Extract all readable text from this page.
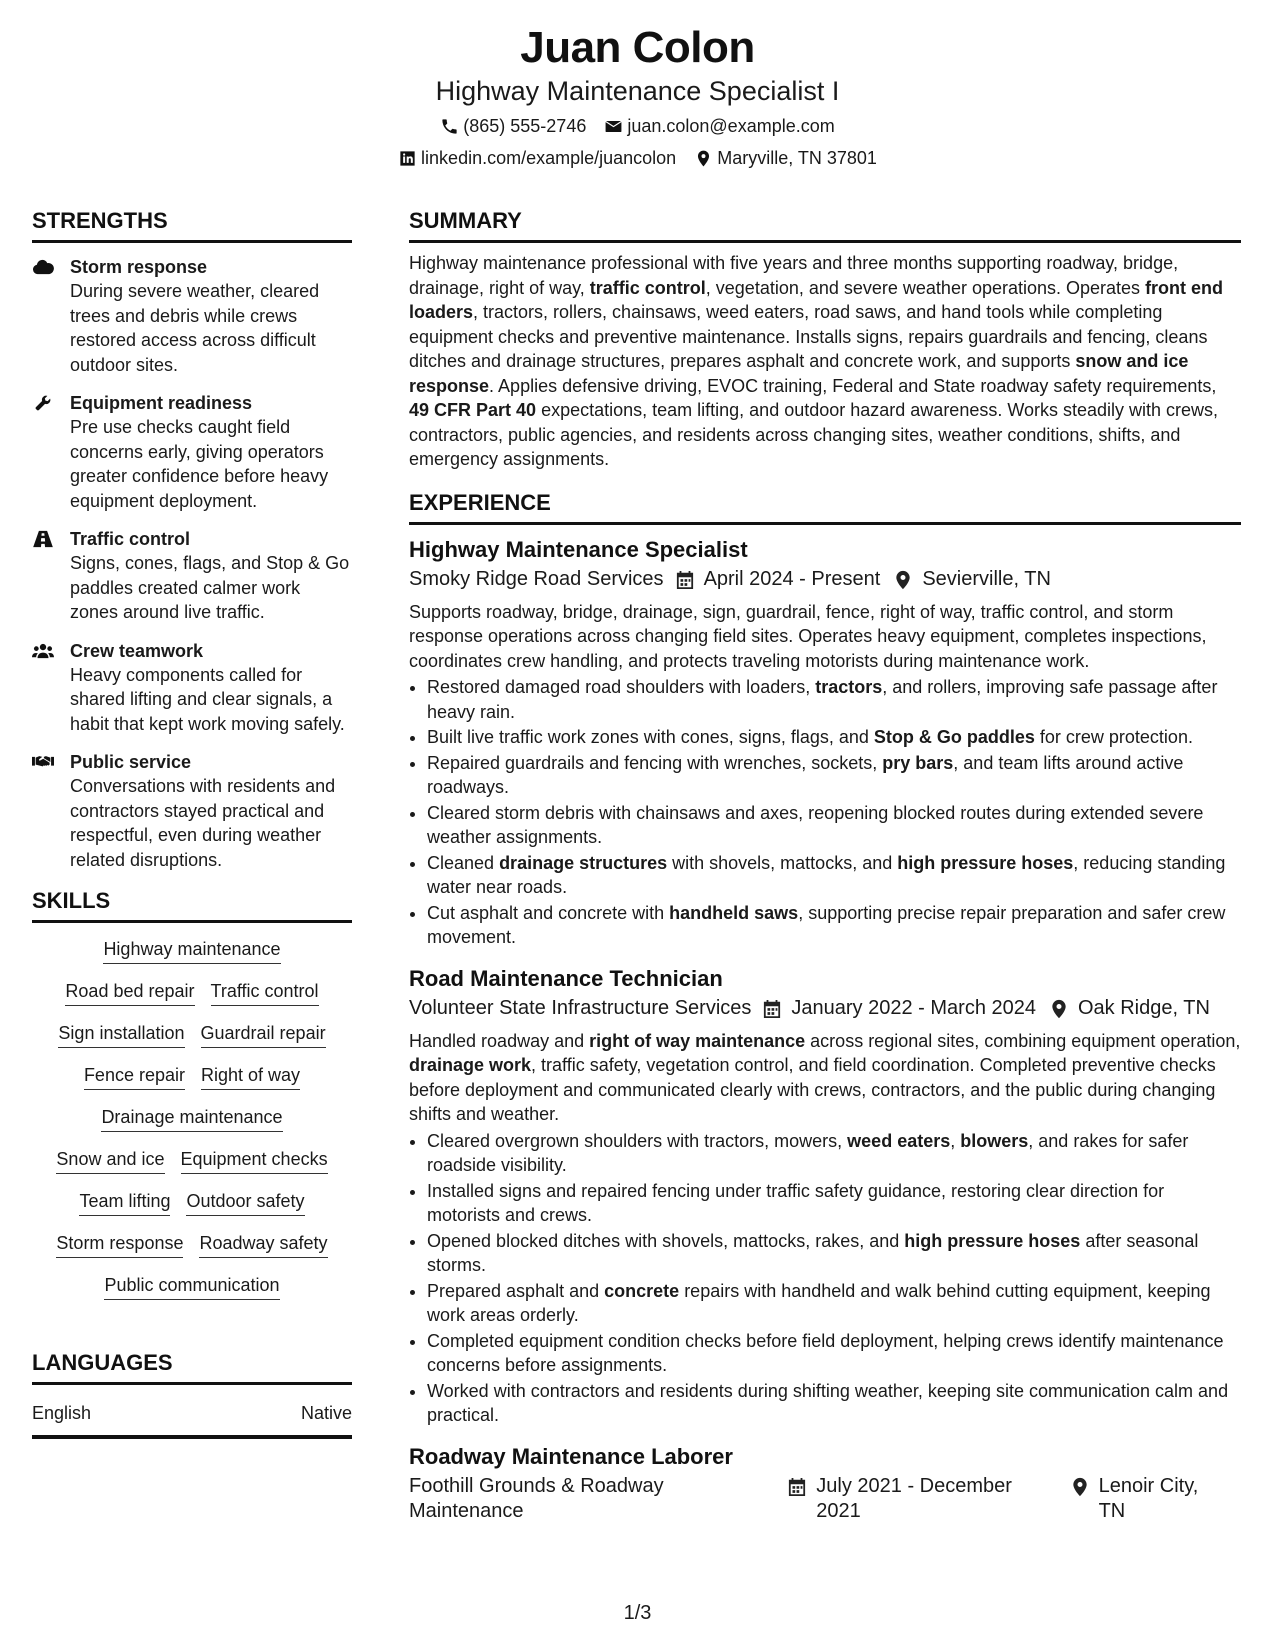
Juan Colon
Highway Maintenance Specialist I
(865) 555-2746 juan.colon@example.com
linkedin.com/example/juancolon Maryville, TN 37801
STRENGTHS
Storm response
During severe weather, cleared trees and debris while crews restored access across difficult outdoor sites.
Equipment readiness
Pre use checks caught field concerns early, giving operators greater confidence before heavy equipment deployment.
Traffic control
Signs, cones, flags, and Stop & Go paddles created calmer work zones around live traffic.
Crew teamwork
Heavy components called for shared lifting and clear signals, a habit that kept work moving safely.
Public service
Conversations with residents and contractors stayed practical and respectful, even during weather related disruptions.
SKILLS
Highway maintenance
Road bed repair Traffic control
Sign installation Guardrail repair
Fence repair Right of way
Drainage maintenance
Snow and ice Equipment checks
Team lifting Outdoor safety
Storm response Roadway safety
Public communication
LANGUAGES
English	Native
SUMMARY
Highway maintenance professional with five years and three months supporting roadway, bridge, drainage, right of way, traffic control, vegetation, and severe weather operations. Operates front end loaders, tractors, rollers, chainsaws, weed eaters, road saws, and hand tools while completing equipment checks and preventive maintenance. Installs signs, repairs guardrails and fencing, cleans ditches and drainage structures, prepares asphalt and concrete work, and supports snow and ice response. Applies defensive driving, EVOC training, Federal and State roadway safety requirements, 49 CFR Part 40 expectations, team lifting, and outdoor hazard awareness. Works steadily with crews, contractors, public agencies, and residents across changing sites, weather conditions, shifts, and emergency assignments.
EXPERIENCE
Highway Maintenance Specialist
Smoky Ridge Road Services April 2024 - Present Sevierville, TN
Supports roadway, bridge, drainage, sign, guardrail, fence, right of way, traffic control, and storm response operations across changing field sites. Operates heavy equipment, completes inspections, coordinates crew handling, and protects traveling motorists during maintenance work.
• Restored damaged road shoulders with loaders, tractors, and rollers, improving safe passage after heavy rain.
• Built live traffic work zones with cones, signs, flags, and Stop & Go paddles for crew protection.
• Repaired guardrails and fencing with wrenches, sockets, pry bars, and team lifts around active roadways.
• Cleared storm debris with chainsaws and axes, reopening blocked routes during extended severe weather assignments.
• Cleaned drainage structures with shovels, mattocks, and high pressure hoses, reducing standing water near roads.
• Cut asphalt and concrete with handheld saws, supporting precise repair preparation and safer crew movement.
Road Maintenance Technician
Volunteer State Infrastructure Services January 2022 - March 2024 Oak Ridge, TN
Handled roadway and right of way maintenance across regional sites, combining equipment operation, drainage work, traffic safety, vegetation control, and field coordination. Completed preventive checks before deployment and communicated clearly with crews, contractors, and the public during changing shifts and weather.
• Cleared overgrown shoulders with tractors, mowers, weed eaters, blowers, and rakes for safer roadside visibility.
• Installed signs and repaired fencing under traffic safety guidance, restoring clear direction for motorists and crews.
• Opened blocked ditches with shovels, mattocks, rakes, and high pressure hoses after seasonal storms.
• Prepared asphalt and concrete repairs with handheld and walk behind cutting equipment, keeping work areas orderly.
• Completed equipment condition checks before field deployment, helping crews identify maintenance concerns before assignments.
• Worked with contractors and residents during shifting weather, keeping site communication calm and practical.
Roadway Maintenance Laborer
Foothill Grounds & Roadway Maintenance
July 2021 - December 2021
Lenoir City, TN
1/3
